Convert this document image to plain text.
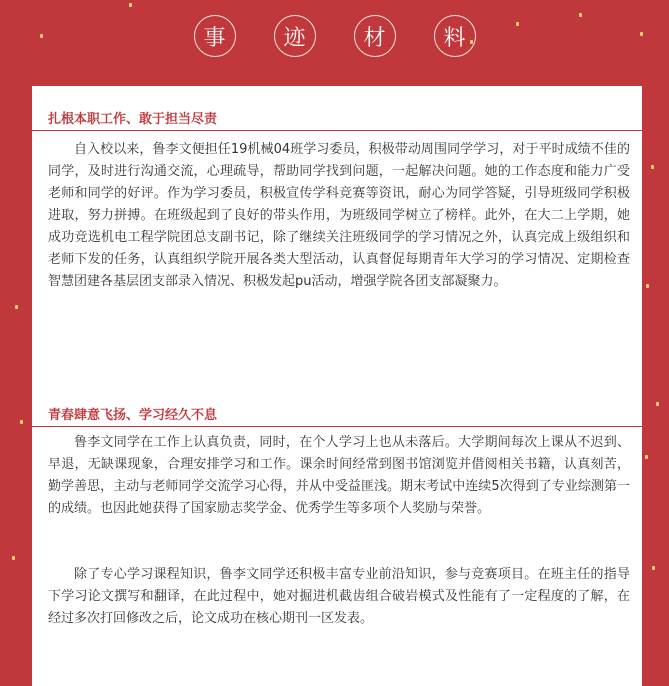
事	迹	材	料
扎根本职工作、敢于担当尽责
自入校以来，鲁李文便担任19机械04班学习委员，积极带动周围同学学习，对于平时成绩不佳的同学，及时进行沟通交流，心理疏导，帮助同学找到问题，一起解决问题。她的工作态度和能力广受老师和同学的好评。作为学习委员，积极宣传学科竞赛等资讯，耐心为同学答疑，引导班级同学积极进取，努力拼搏。在班级起到了良好的带头作用，为班级同学树立了榜样。此外，在大二上学期，她成功竞选机电工程学院团总支副书记，除了继续关注班级同学的学习情况之外，认真完成上级组织和老师下发的任务，认真组织学院开展各类大型活动，认真督促每期青年大学习的学习情况、定期检查智慧团建各基层团支部录入情况、积极发起pu活动，增强学院各团支部凝聚力。
青春肆意飞扬、学习经久不息
鲁李文同学在工作上认真负责，同时，在个人学习上也从未落后。大学期间每次上课从不迟到、早退，无缺课现象，合理安排学习和工作。课余时间经常到图书馆浏览并借阅相关书籍，认真刻苦，勤学善思，主动与老师同学交流学习心得，并从中受益匪浅。期末考试中连续5次得到了专业综测第一的成绩。也因此她获得了国家励志奖学金、优秀学生等多项个人奖励与荣誉。
除了专心学习课程知识，鲁李文同学还积极丰富专业前沿知识，参与竞赛项目。在班主任的指导下学习论文撰写和翻译，在此过程中，她对掘进机截齿组合破岩模式及性能有了一定程度的了解，在经过多次打回修改之后，论文成功在核心期刊一区发表。
